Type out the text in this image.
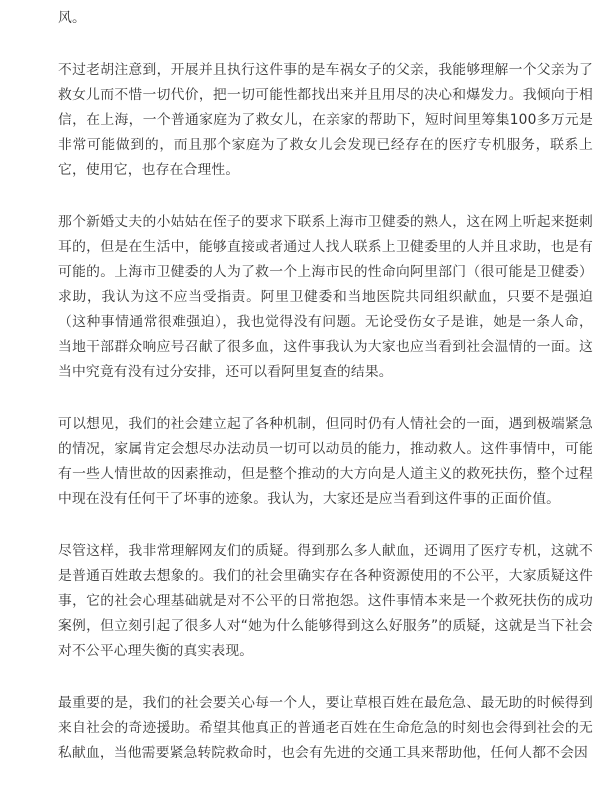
风。

不过老胡注意到，开展并且执行这件事的是车祸女子的父亲，我能够理解一个父亲为了救女儿而不惜一切代价，把一切可能性都找出来并且用尽的决心和爆发力。我倾向于相信，在上海，一个普通家庭为了救女儿，在亲家的帮助下，短时间里筹集100多万元是非常可能做到的，而且那个家庭为了救女儿会发现已经存在的医疗专机服务，联系上它，使用它，也存在合理性。

那个新婚丈夫的小姑姑在侄子的要求下联系上海市卫健委的熟人，这在网上听起来挺刺耳的，但是在生活中，能够直接或者通过人找人联系上卫健委里的人并且求助，也是有可能的。上海市卫健委的人为了救一个上海市民的性命向阿里部门（很可能是卫健委）求助，我认为这不应当受指责。阿里卫健委和当地医院共同组织献血，只要不是强迫（这种事情通常很难强迫），我也觉得没有问题。无论受伤女子是谁，她是一条人命，当地干部群众响应号召献了很多血，这件事我认为大家也应当看到社会温情的一面。这当中究竟有没有过分安排，还可以看阿里复查的结果。

可以想见，我们的社会建立起了各种机制，但同时仍有人情社会的一面，遇到极端紧急的情况，家属肯定会想尽办法动员一切可以动员的能力，推动救人。这件事情中，可能有一些人情世故的因素推动，但是整个推动的大方向是人道主义的救死扶伤，整个过程中现在没有任何干了坏事的迹象。我认为，大家还是应当看到这件事的正面价值。

尽管这样，我非常理解网友们的质疑。得到那么多人献血，还调用了医疗专机，这就不是普通百姓敢去想象的。我们的社会里确实存在各种资源使用的不公平，大家质疑这件事，它的社会心理基础就是对不公平的日常抱怨。这件事情本来是一个救死扶伤的成功案例，但立刻引起了很多人对“她为什么能够得到这么好服务”的质疑，这就是当下社会对不公平心理失衡的真实表现。

最重要的是，我们的社会要关心每一个人，要让草根百姓在最危急、最无助的时候得到来自社会的奇迹援助。希望其他真正的普通老百姓在生命危急的时刻也会得到社会的无私献血，当他需要紧急转院救命时，也会有先进的交通工具来帮助他，任何人都不会因
